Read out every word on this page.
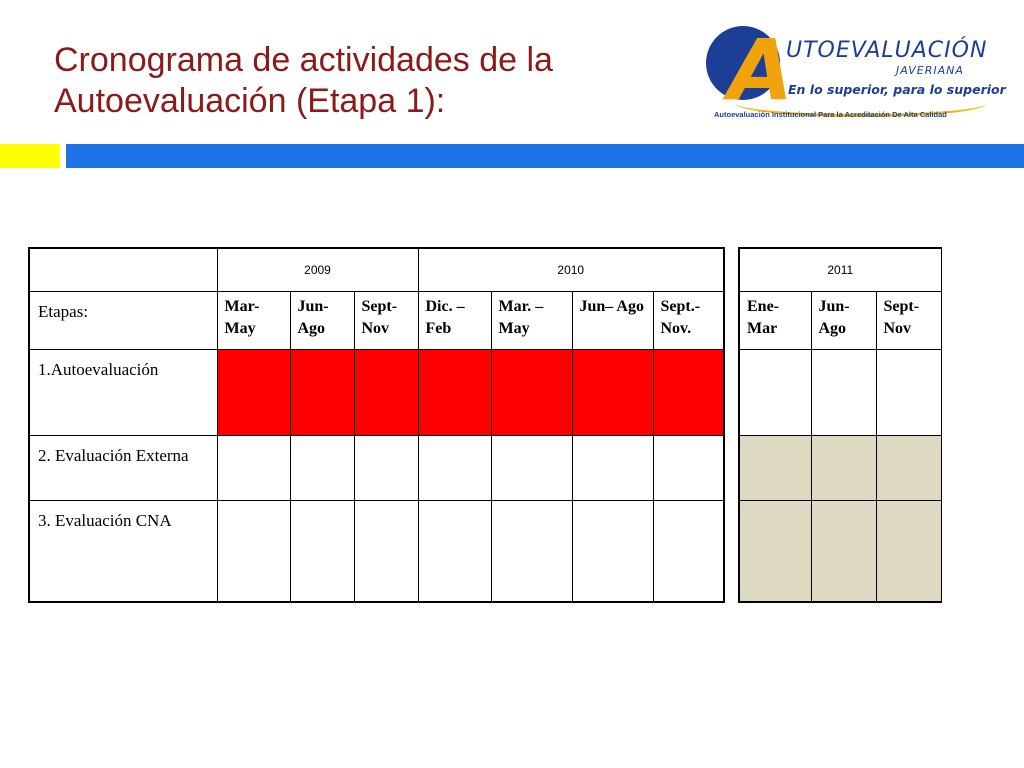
Cronograma de actividades de la
Autoevaluación (Etapa 1):	A
UTOEVALUACIÓN
JAVERIANA
En lo superior, para lo superior
Autoevaluación Institucional Para la Acreditación De Alta Calidad
	2009			2010			
Etapas:	Mar-May	Jun-Ago	Sept-Nov	Dic. – Feb	Mar. – May	Jun– Ago	Sept.- Nov.
1.Autoevaluación							
2. Evaluación Externa							
3. Evaluación CNA							
2011		
Ene-Mar	Jun-Ago	Sept-Nov
